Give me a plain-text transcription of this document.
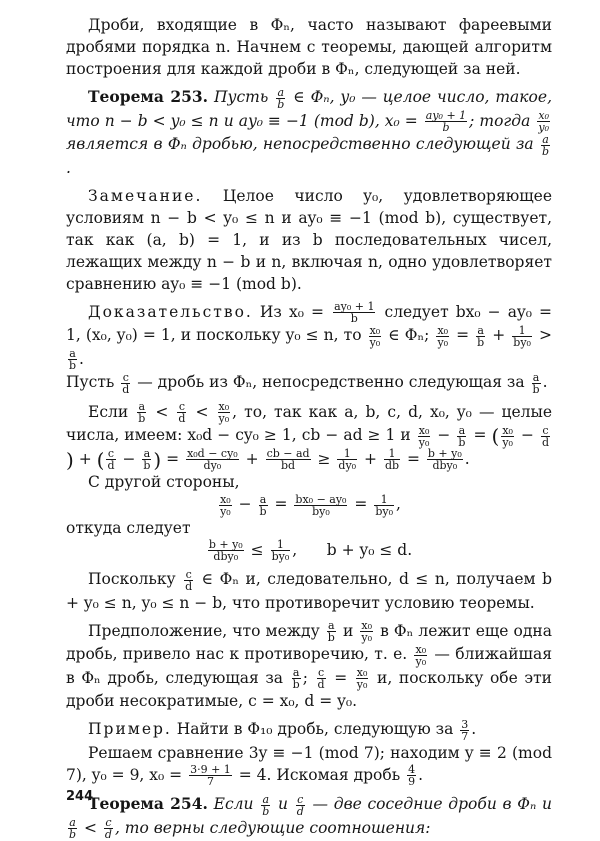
Дроби, входящие в Φₙ, часто называют фареевыми дробями порядка n. Начнем с теоремы, дающей алгоритм построения для каждой дроби в Φₙ, следующей за ней.

Теорема 253. Пусть $\frac{a}{b}$ ∈ Φₙ, y₀ — целое число, такое, что n − b < y₀ ≤ n и ay₀ ≡ −1 (mod b), $x_0 = \frac{\text{ay₀ + 1}}{b}$ ; тогда $\frac{\text{x₀}}{\text{y₀}}$
является в Φₙ дробью, непосредственно следующей за $\frac{a}{b}$
.

Замечание. Целое число y₀, удовлетворяющее условиям n − b < y₀ ≤ n и ay₀ ≡ −1 (mod b), существует, так как (a, b) = 1, и из b последовательных чисел, лежащих между n − b и n, включая n, одно удовлетворяет сравнению ay₀ ≡ −1 (mod b).

Доказательство. Из $x_0 = \frac{\text{ay₀ + 1}}{b}$ следует bx₀ − ay₀ = 1, (x₀, y₀) = 1, и поскольку y₀ ≤ n, то $\frac{\text{x₀}}{\text{y₀}}$ ∈ Φₙ; $\frac{\text{x₀}}{\text{y₀}} = \frac{a}{b} + \frac{1}{\text{by₀}}$ >
$\frac{a}{b}$ .

Пусть $\frac{c}{d}$ — дробь из Φₙ, непосредственно следующая за $\frac{a}{b}$ .

Если $\frac{a}{b} < \frac{c}{d} < \frac{\text{x₀}}{\text{y₀}}$ , то, так как a, b, c, d, x₀, y₀ — целые числа, имеем: x₀d − cy₀ ≥ 1, cb − ad ≥ 1 и $\frac{\text{x₀}}{\text{y₀}} - \frac{a}{b}$ = ( $\frac{\text{x₀}}{\text{y₀}} - \frac{c}{d}$
) + ( $\frac{c}{d} - \frac{a}{b}$ ) = $\frac{\text{x₀d − cy₀}}{\text{dy₀}} + \frac{cb - ad}{bd} \ge \frac{1}{\text{dy₀}} + \frac{1}{db} = \frac{\text{b + y₀}}{\text{dby₀}}$ .

С другой стороны,

$\frac{\text{x₀}}{\text{y₀}} - \frac{a}{b} = \frac{\text{bx₀ − ay₀}}{\text{by₀}} = \frac{1}{\text{by₀}}$ ,

откуда следует

$\frac{\text{b + y₀}}{\text{dby₀}} \le \frac{1}{\text{by₀}}$ ,      b + y₀ ≤ d.

Поскольку $\frac{c}{d}$ ∈ Φₙ и, следовательно, d ≤ n, получаем b + y₀ ≤ n, y₀ ≤ n − b, что противоречит условию теоремы.

Предположение, что между $\frac{a}{b}$ и $\frac{\text{x₀}}{\text{y₀}}$ в Φₙ лежит еще одна дробь, привело нас к противоречию, т. е. $\frac{\text{x₀}}{\text{y₀}}$ — ближайшая в Φₙ дробь, следующая за $\frac{a}{b}$ ; $\frac{c}{d} = \frac{\text{x₀}}{\text{y₀}} и$, поскольку обе эти дроби несократимые, c = x₀, d = y₀.

Пример. Найти в Φ₁₀ дробь, следующую за $\frac{3}{7}$ .

Решаем сравнение 3y ≡ −1 (mod 7); находим y ≡ 2 (mod 7), y₀ = 9, $x_0 = \frac{3\cdot 9 + 1}{7} = 4$. Искомая дробь $\frac{4}{9}$ .

Теорема 254. Если $\frac{a}{b}$ и $\frac{c}{d}$ — две соседние дроби в Φₙ и
$\frac{a}{b} < \frac{c}{d}$ , то верны следующие соотношения:

244
